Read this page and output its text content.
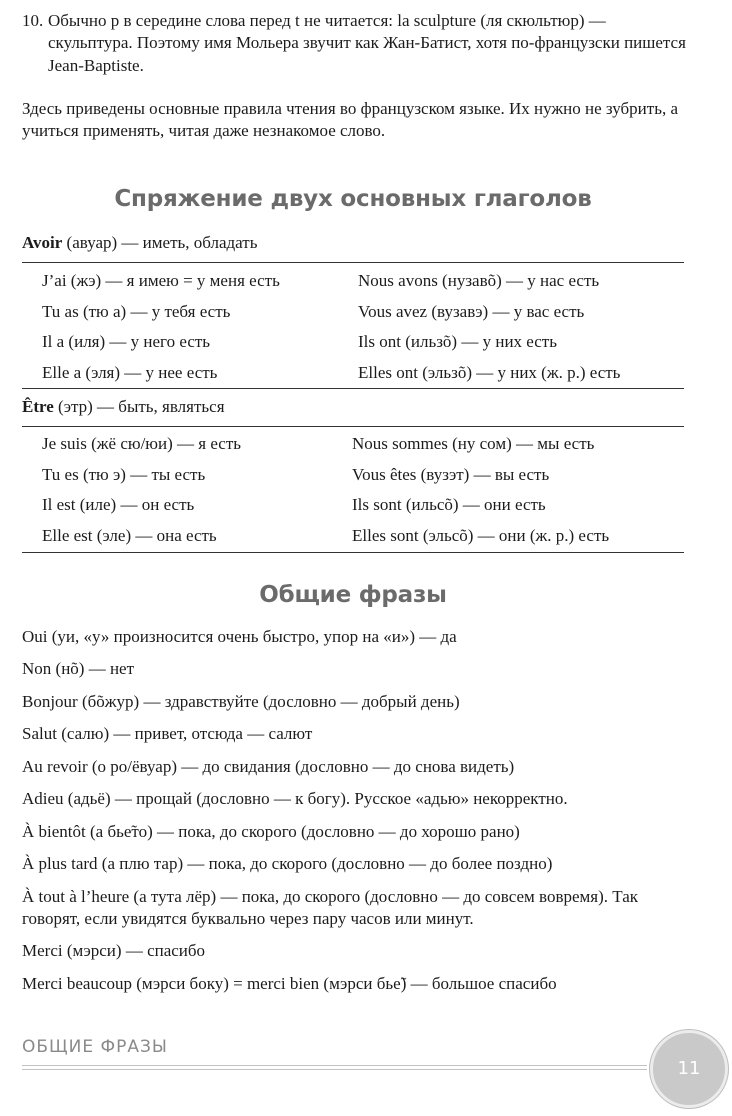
10. Обычно p в середине слова перед t не читается: la sculpture (ля скюльтюр) — скульптура. Поэтому имя Мольера звучит как Жан-Батист, хотя по-французски пишется Jean-Baptiste.
Здесь приведены основные правила чтения во французском языке. Их нужно не зубрить, а учиться применять, читая даже незнакомое слово.
Спряжение двух основных глаголов
Avoir (авуар) — иметь, обладать
J’ai (жэ) — я имею = у меня есть	Nous avons (нузавõ) — у нас есть
Tu as (тю а) — у тебя есть	Vous avez (вузавэ) — у вас есть
Il a (иля) — у него есть	Ils ont (ильзõ) — у них есть
Elle a (эля) — у нее есть	Elles ont (эльзõ) — у них (ж. р.) есть
Être (этр) — быть, являться
Je suis (жё сю/юи) — я есть	Nous sommes (ну сом) — мы есть
Tu es (тю э) — ты есть	Vous êtes (вузэт) — вы есть
Il est (иле) — он есть	Ils sont (ильсõ) — они есть
Elle est (эле) — она есть	Elles sont (эльсõ) — они (ж. р.) есть
Общие фразы
Oui (уи, «у» произносится очень быстро, упор на «и») — да
Non (нõ) — нет
Bonjour (бõжур) — здравствуйте (дословно — добрый день)
Salut (салю) — привет, отсюда — салют
Au revoir (о ро/ёвуар) — до свидания (дословно — до снова видеть)
Adieu (адьё) — прощай (дословно — к богу). Русское «адью» некорректно.
À bientôt (а бье̃то) — пока, до скорого (дословно — до хорошо рано)
À plus tard (а плю тар) — пока, до скорого (дословно — до более поздно)
À tout à l’heure (а тута лёр) — пока, до скорого (дословно — до совсем вовремя). Так говорят, если увидятся буквально через пару часов или минут.
Merci (мэрси) — спасибо
Merci beaucoup (мэрси боку) = merci bien (мэрси бье̃) — большое спасибо
ОБЩИЕ ФРАЗЫ
11
